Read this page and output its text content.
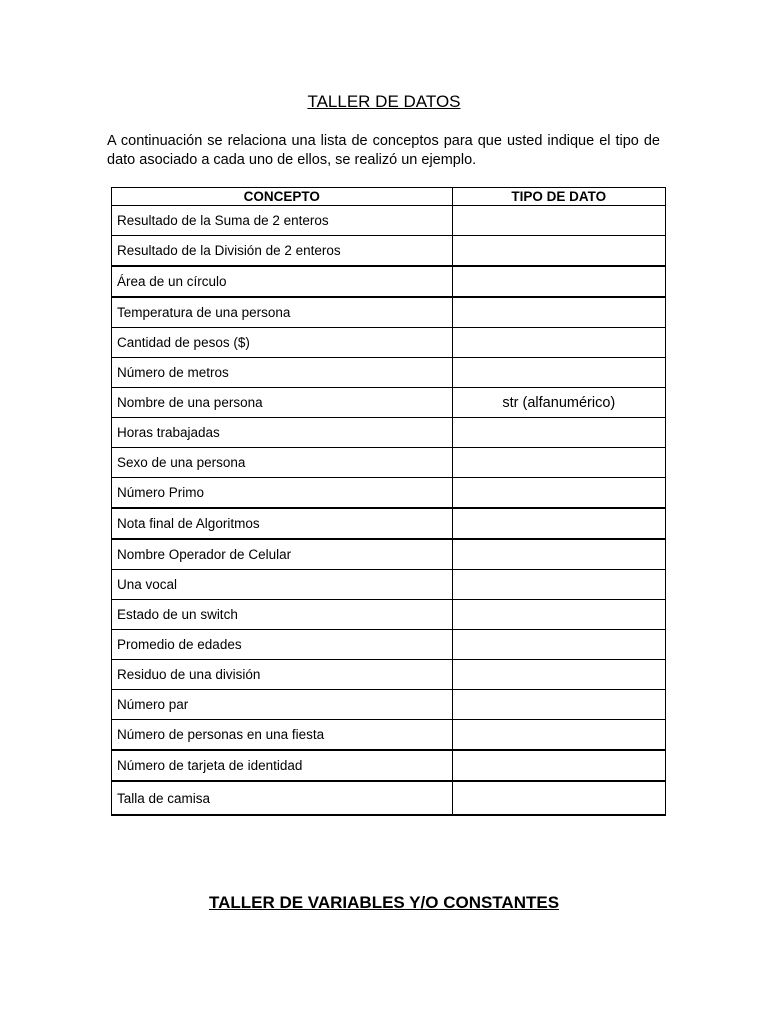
TALLER DE DATOS

A continuación se relaciona una lista de conceptos para que usted indique el tipo de dato asociado a cada uno de ellos, se realizó un ejemplo.

CONCEPTO	TIPO DE DATO
Resultado de la Suma de 2 enteros	
Resultado de la División de 2 enteros	
Área de un círculo	
Temperatura de una persona	
Cantidad de pesos ($)	
Número de metros	
Nombre de una persona	str (alfanumérico)
Horas trabajadas	
Sexo de una persona	
Número Primo	
Nota final de Algoritmos	
Nombre Operador de Celular	
Una vocal	
Estado de un switch	
Promedio de edades	
Residuo de una división	
Número par	
Número de personas en una fiesta	
Número de tarjeta de identidad	
Talla de camisa	
TALLER DE VARIABLES Y/O CONSTANTES
